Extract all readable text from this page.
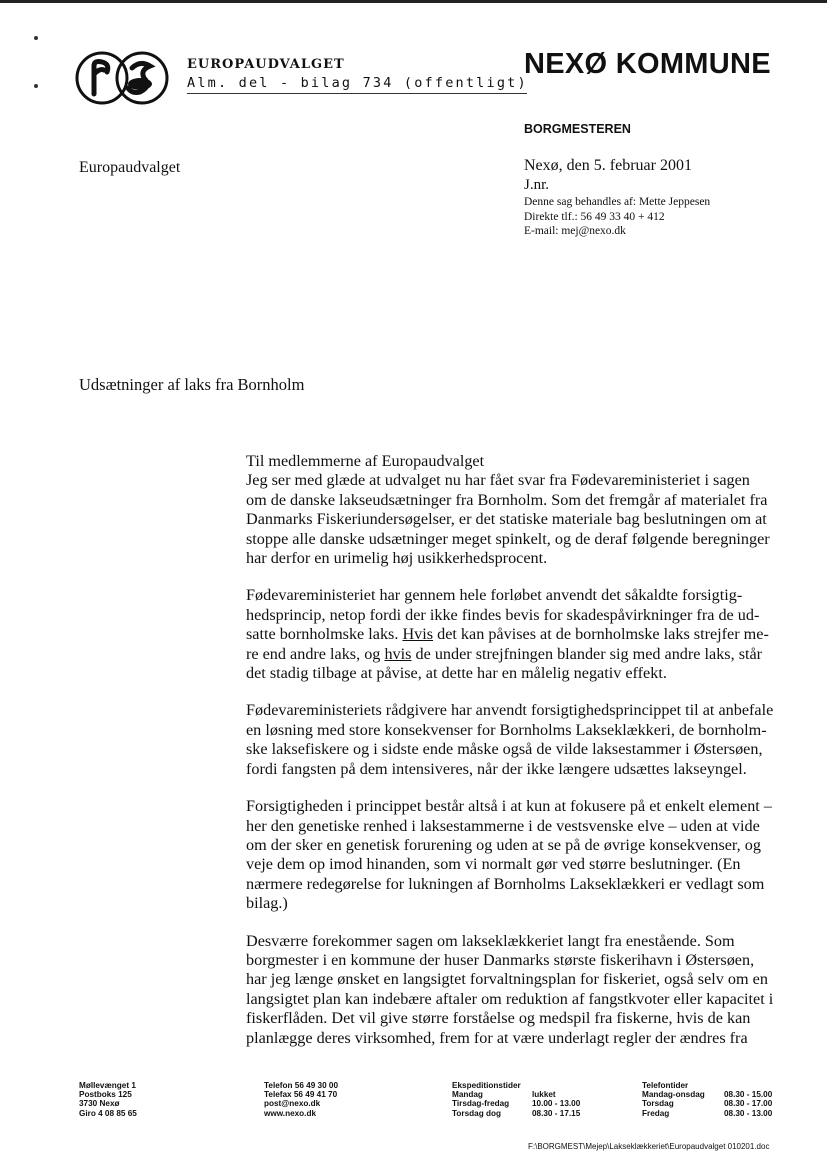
EUROPAUDVALGET
Alm. del - bilag 734 (offentligt)
NEXØ KOMMUNE
BORGMESTEREN
Europaudvalget	Nexø, den 5. februar 2001
J.nr.
Denne sag behandles af: Mette Jeppesen
Direkte tlf.: 56 49 33 40 + 412
E-mail: mej@nexo.dk
Udsætninger af laks fra Bornholm

Til medlemmerne af Europaudvalget
Jeg ser med glæde at udvalget nu har fået svar fra Fødevareministeriet i sagen
om de danske lakseudsætninger fra Bornholm. Som det fremgår af materialet fra
Danmarks Fiskeriundersøgelser, er det statiske materiale bag beslutningen om at
stoppe alle danske udsætninger meget spinkelt, og de deraf følgende beregninger
har derfor en urimelig høj usikkerhedsprocent.

Fødevareministeriet har gennem hele forløbet anvendt det såkaldte forsigtig-
hedsprincip, netop fordi der ikke findes bevis for skadespåvirkninger fra de ud-
satte bornholmske laks. Hvis det kan påvises at de bornholmske laks strejfer me-
re end andre laks, og hvis de under strejfningen blander sig med andre laks, står
det stadig tilbage at påvise, at dette har en målelig negativ effekt.

Fødevareministeriets rådgivere har anvendt forsigtighedsprincippet til at anbefale
en løsning med store konsekvenser for Bornholms Lakseklækkeri, de bornholm-
ske laksefiskere og i sidste ende måske også de vilde laksestammer i Østersøen,
fordi fangsten på dem intensiveres, når der ikke længere udsættes lakseyngel.

Forsigtigheden i princippet består altså i at kun at fokusere på et enkelt element –
her den genetiske renhed i laksestammerne i de vestsvenske elve – uden at vide
om der sker en genetisk forurening og uden at se på de øvrige konsekvenser, og
veje dem op imod hinanden, som vi normalt gør ved større beslutninger. (En
nærmere redegørelse for lukningen af Bornholms Lakseklækkeri er vedlagt som
bilag.)

Desværre forekommer sagen om lakseklækkeriet langt fra enestående. Som
borgmester i en kommune der huser Danmarks største fiskerihavn i Østersøen,
har jeg længe ønsket en langsigtet forvaltningsplan for fiskeriet, også selv om en
langsigtet plan kan indebære aftaler om reduktion af fangstkvoter eller kapacitet i
fiskerflåden. Det vil give større forståelse og medspil fra fiskerne, hvis de kan
planlægge deres virksomhed, frem for at være underlagt regler der ændres fra

Møllevænget 1
Postboks 125
3730 Nexø
Giro 4 08 85 65
Telefon 56 49 30 00
Telefax 56 49 41 70
post@nexo.dk
www.nexo.dk
Ekspeditionstider
Mandag	lukket
Tirsdag-fredag	10.00 - 13.00
Torsdag dog	08.30 - 17.15
Telefontider
Mandag-onsdag	08.30 - 15.00
Torsdag	08.30 - 17.00
Fredag	08.30 - 13.00
F:\BORGMEST\Mejep\Lakseklækkeriet\Europaudvalget 010201.doc
